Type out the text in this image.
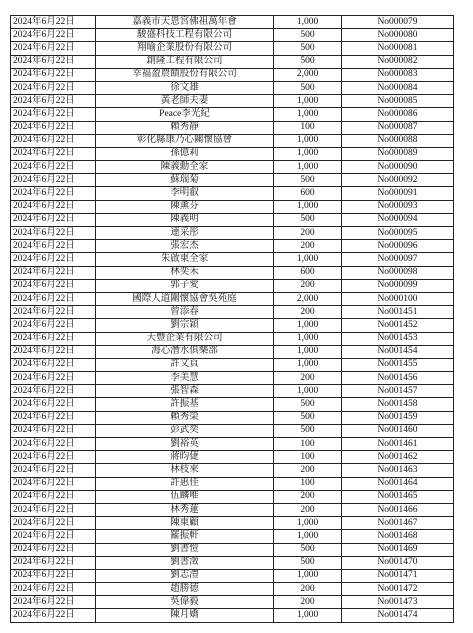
2024年6月22日	嘉義市天恩宮佛祖萬年會	1,000	No000079
2024年6月22日	駿盛科技工程有限公司	500	No000080
2024年6月22日	翔喻企業股份有限公司	500	No000081
2024年6月22日	創隆工程有限公司	500	No000082
2024年6月22日	幸福盈農饋股份有限公司	2,000	No000083
2024年6月22日	徐文雄	500	No000084
2024年6月22日	黃老師夫妻	1,000	No000085
2024年6月22日	Peace李光紀	1,000	No000086
2024年6月22日	賴秀靜	100	No000087
2024年6月22日	彰化縣康乃心關懷協會	1,000	No000088
2024年6月22日	孫億莉	1,000	No000089
2024年6月22日	陳義勳全家	1,000	No000090
2024年6月22日	蘇瑞菊	500	No000092
2024年6月22日	李明叡	600	No000091
2024年6月22日	陳薰芬	1,000	No000093
2024年6月22日	陳義明	500	No000094
2024年6月22日	連采彤	200	No000095
2024年6月22日	張宏杰	200	No000096
2024年6月22日	朱啟東全家	1,000	No000097
2024年6月22日	林奕禾	600	No000098
2024年6月22日	郭子愛	200	No000099
2024年6月22日	國際人道關懷協會吳苑庭	2,000	No000100
2024年6月22日	曾添春	200	No001451
2024年6月22日	劉宗穎	1,000	No001452
2024年6月22日	天豐企業有限公司	1,000	No001453
2024年6月22日	海心潛水俱樂部	1,000	No001454
2024年6月22日	許文貞	1,000	No001455
2024年6月22日	李美慧	200	No001456
2024年6月22日	張智森	1,000	No001457
2024年6月22日	許振基	500	No001458
2024年6月22日	賴秀榮	500	No001459
2024年6月22日	彭武奕	500	No001460
2024年6月22日	劉裕英	100	No001461
2024年6月22日	蔣昀倢	100	No001462
2024年6月22日	林枝來	200	No001463
2024年6月22日	許惠佳	100	No001464
2024年6月22日	伍麟唯	200	No001465
2024年6月22日	林秀蓮	200	No001466
2024年6月22日	陳東顧	1,000	No001467
2024年6月22日	羅振軒	1,000	No001468
2024年6月22日	劉書愷	500	No001469
2024年6月22日	劉書澂	500	No001470
2024年6月22日	劉志澧	1,000	No001471
2024年6月22日	趙勝德	200	No001472
2024年6月22日	吳偉毅	200	No001473
2024年6月22日	陳月嬌	1,000	No001474
